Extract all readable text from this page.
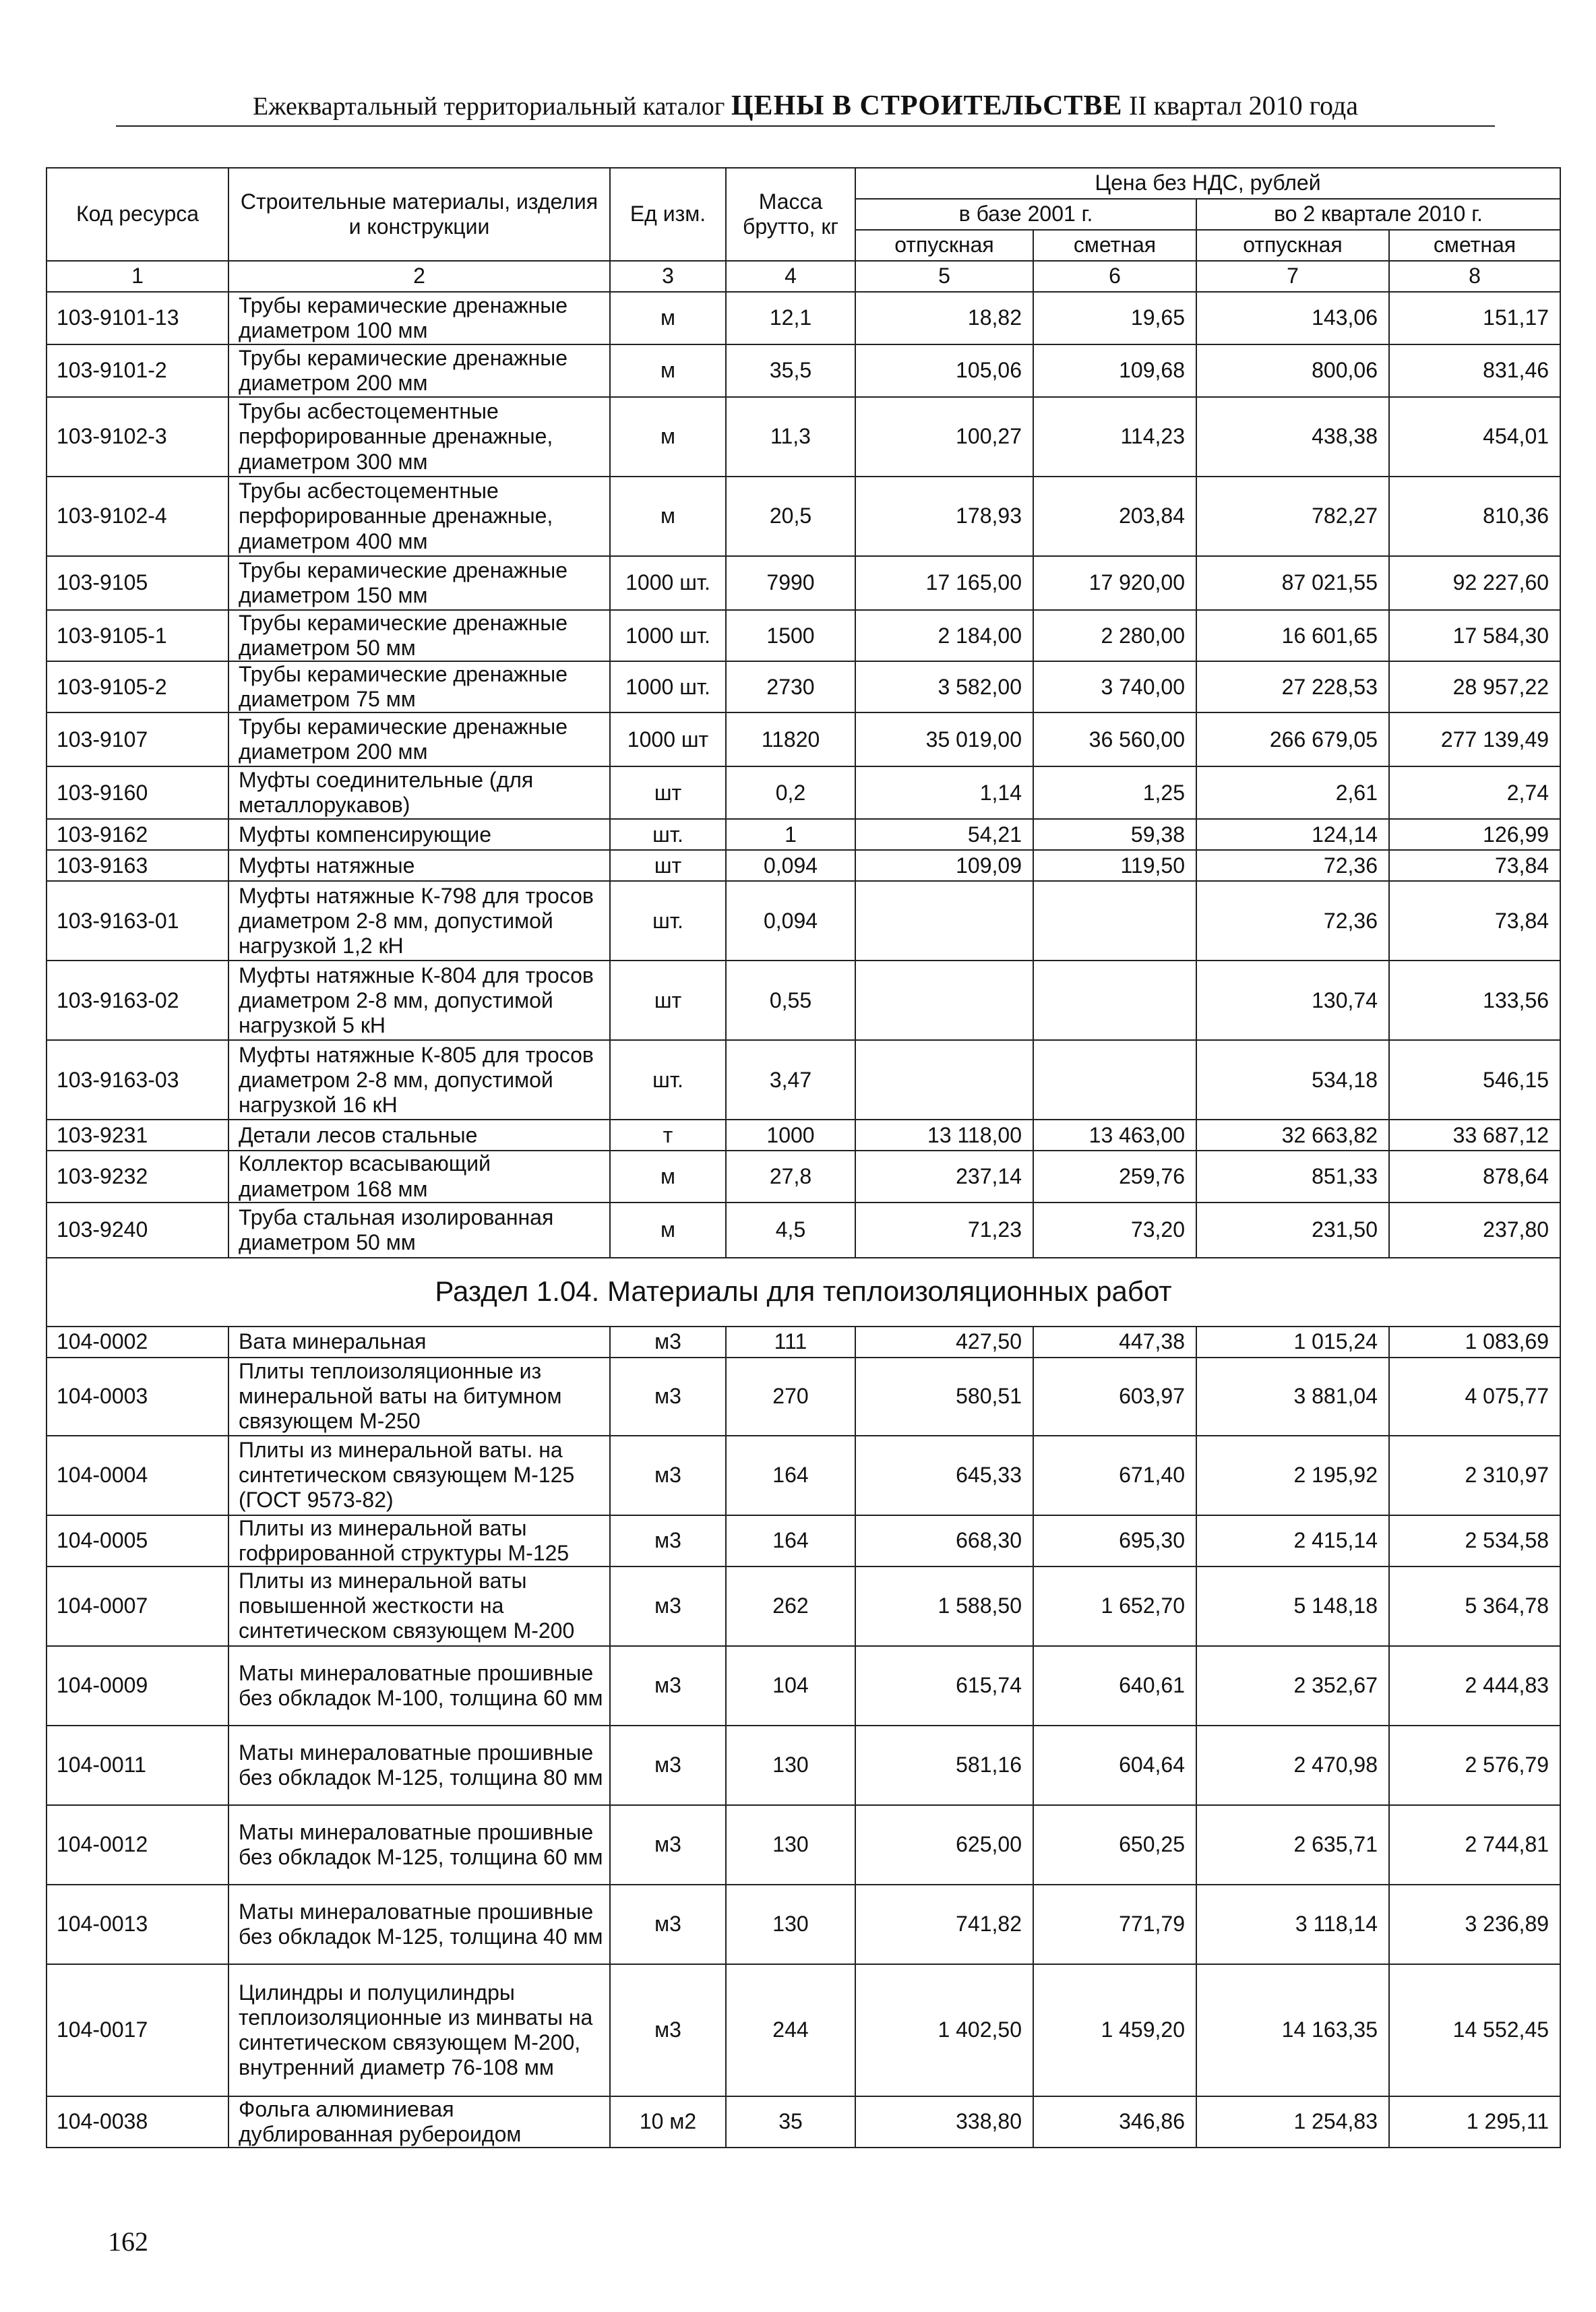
Ежеквартальный территориальный каталог ЦЕНЫ В СТРОИТЕЛЬСТВЕ II квартал 2010 года
Код ресурса	Строительные материалы, изделия и конструкции	Ед изм.	Масса брутто, кг	Цена без НДС, рублей			
				в базе 2001 г.		во 2 квартале 2010 г.	
				отпускная	сметная	отпускная	сметная
1	2	3	4	5	6	7	8
103-9101-13	Трубы керамические дренажные диаметром 100 мм	м	12,1	18,82	19,65	143,06	151,17
103-9101-2	Трубы керамические дренажные диаметром 200 мм	м	35,5	105,06	109,68	800,06	831,46
103-9102-3	Трубы асбестоцементные перфорированные дренажные, диаметром 300 мм	м	11,3	100,27	114,23	438,38	454,01
103-9102-4	Трубы асбестоцементные перфорированные дренажные, диаметром 400 мм	м	20,5	178,93	203,84	782,27	810,36
103-9105	Трубы керамические дренажные диаметром 150 мм	1000 шт.	7990	17 165,00	17 920,00	87 021,55	92 227,60
103-9105-1	Трубы керамические дренажные диаметром 50 мм	1000 шт.	1500	2 184,00	2 280,00	16 601,65	17 584,30
103-9105-2	Трубы керамические дренажные диаметром 75 мм	1000 шт.	2730	3 582,00	3 740,00	27 228,53	28 957,22
103-9107	Трубы керамические дренажные диаметром 200 мм	1000 шт	11820	35 019,00	36 560,00	266 679,05	277 139,49
103-9160	Муфты соединительные (для металлорукавов)	шт	0,2	1,14	1,25	2,61	2,74
103-9162	Муфты компенсирующие	шт.	1	54,21	59,38	124,14	126,99
103-9163	Муфты натяжные	шт	0,094	109,09	119,50	72,36	73,84
103-9163-01	Муфты натяжные К-798 для тросов диаметром 2-8 мм, допустимой нагрузкой 1,2 кН	шт.	0,094			72,36	73,84
103-9163-02	Муфты натяжные К-804 для тросов диаметром 2-8 мм, допустимой нагрузкой 5 кН	шт	0,55			130,74	133,56
103-9163-03	Муфты натяжные К-805 для тросов диаметром 2-8 мм, допустимой нагрузкой 16 кН	шт.	3,47			534,18	546,15
103-9231	Детали лесов стальные	т	1000	13 118,00	13 463,00	32 663,82	33 687,12
103-9232	Коллектор всасывающий диаметром 168 мм	м	27,8	237,14	259,76	851,33	878,64
103-9240	Труба стальная изолированная диаметром 50 мм	м	4,5	71,23	73,20	231,50	237,80
Раздел 1.04. Материалы для теплоизоляционных работ							
104-0002	Вата минеральная	м3	111	427,50	447,38	1 015,24	1 083,69
104-0003	Плиты теплоизоляционные из минеральной ваты на битумном связующем М-250	м3	270	580,51	603,97	3 881,04	4 075,77
104-0004	Плиты из минеральной ваты. на синтетическом связующем М-125 (ГОСТ 9573-82)	м3	164	645,33	671,40	2 195,92	2 310,97
104-0005	Плиты из минеральной ваты гофрированной структуры М-125	м3	164	668,30	695,30	2 415,14	2 534,58
104-0007	Плиты из минеральной ваты повышенной жесткости на синтетическом связующем М-200	м3	262	1 588,50	1 652,70	5 148,18	5 364,78
104-0009	Маты минераловатные прошивные без обкладок М-100, толщина 60 мм	м3	104	615,74	640,61	2 352,67	2 444,83
104-0011	Маты минераловатные прошивные без обкладок М-125, толщина 80 мм	м3	130	581,16	604,64	2 470,98	2 576,79
104-0012	Маты минераловатные прошивные без обкладок М-125, толщина 60 мм	м3	130	625,00	650,25	2 635,71	2 744,81
104-0013	Маты минераловатные прошивные без обкладок М-125, толщина 40 мм	м3	130	741,82	771,79	3 118,14	3 236,89
104-0017	Цилиндры и полуцилиндры теплоизоляционные из минваты на синтетическом связующем М-200, внутренний диаметр 76-108 мм	м3	244	1 402,50	1 459,20	14 163,35	14 552,45
104-0038	Фольга алюминиевая дублированная рубероидом	10 м2	35	338,80	346,86	1 254,83	1 295,11
162
